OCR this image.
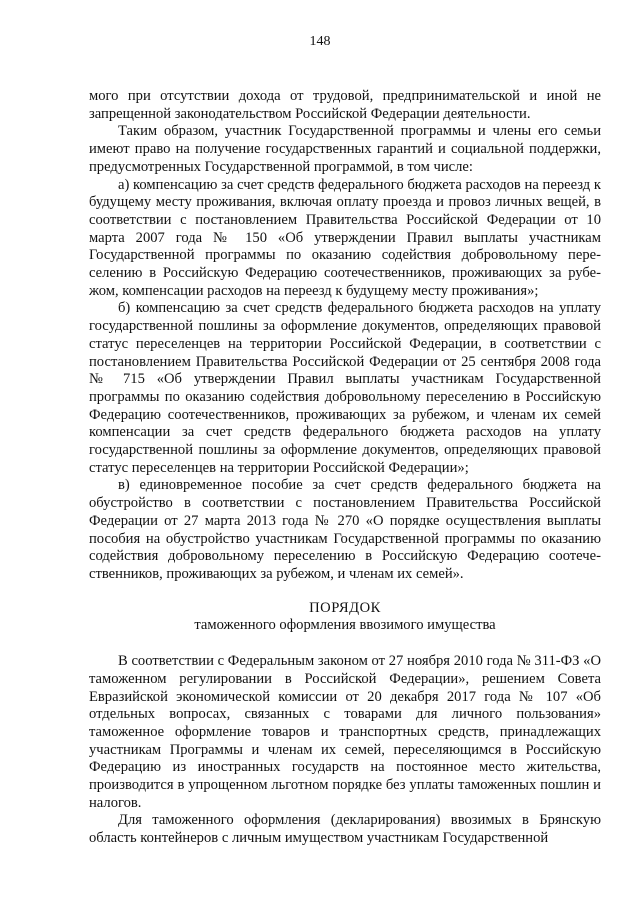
148

мого при отсутствии дохода от трудовой, предпринимательской и иной не запрещенной законодательством Российской Федерации деятельности.

Таким образом, участник Государственной программы и члены его семьи имеют право на получение государственных гарантий и социальной поддержки, предусмотренных Государственной программой, в том числе:

а) компенсацию за счет средств федерального бюджета расходов на переезд к будущему месту проживания, включая оплату проезда и провоз личных вещей, в соответствии с постановлением Правительства Российской Федерации от 10 марта 2007 года № 150 «Об утверждении Правил выплаты участникам Государственной программы по оказанию содействия добровольному переселению в Российскую Федерацию соотечественников, проживающих за рубежом, компенсации расходов на переезд к будущему месту проживания»;

б) компенсацию за счет средств федерального бюджета расходов на уплату государственной пошлины за оформление документов, определяющих правовой статус переселенцев на территории Российской Федерации, в соответствии с постановлением Правительства Российской Федерации от 25 сентября 2008 года № 715 «Об утверждении Правил выплаты участникам Государственной программы по оказанию содействия добровольному переселению в Российскую Федерацию соотечественников, проживающих за рубежом, и членам их семей компенсации за счет средств федерального бюджета расходов на уплату государственной пошлины за оформление документов, определяющих правовой статус переселенцев на территории Российской Федерации»;

в) единовременное пособие за счет средств федерального бюджета на обустройство в соответствии с постановлением Правительства Российской Федерации от 27 марта 2013 года № 270 «О порядке осуществления выплаты пособия на обустройство участникам Государственной программы по оказанию содействия добровольному переселению в Российскую Федерацию соотечественников, проживающих за рубежом, и членам их семей».

ПОРЯДОК
таможенного оформления ввозимого имущества

В соответствии с Федеральным законом от 27 ноября 2010 года № 311-ФЗ «О таможенном регулировании в Российской Федерации», решением Совета Евразийской экономической комиссии от 20 декабря 2017 года № 107 «Об отдельных вопросах, связанных с товарами для личного пользования» таможенное оформление товаров и транспортных средств, принадлежащих участникам Программы и членам их семей, переселяющимся в Российскую Федерацию из иностранных государств на постоянное место жительства, производится в упрощенном льготном порядке без уплаты таможенных пошлин и налогов.

Для таможенного оформления (декларирования) ввозимых в Брянскую область контейнеров с личным имуществом участникам Государственной
